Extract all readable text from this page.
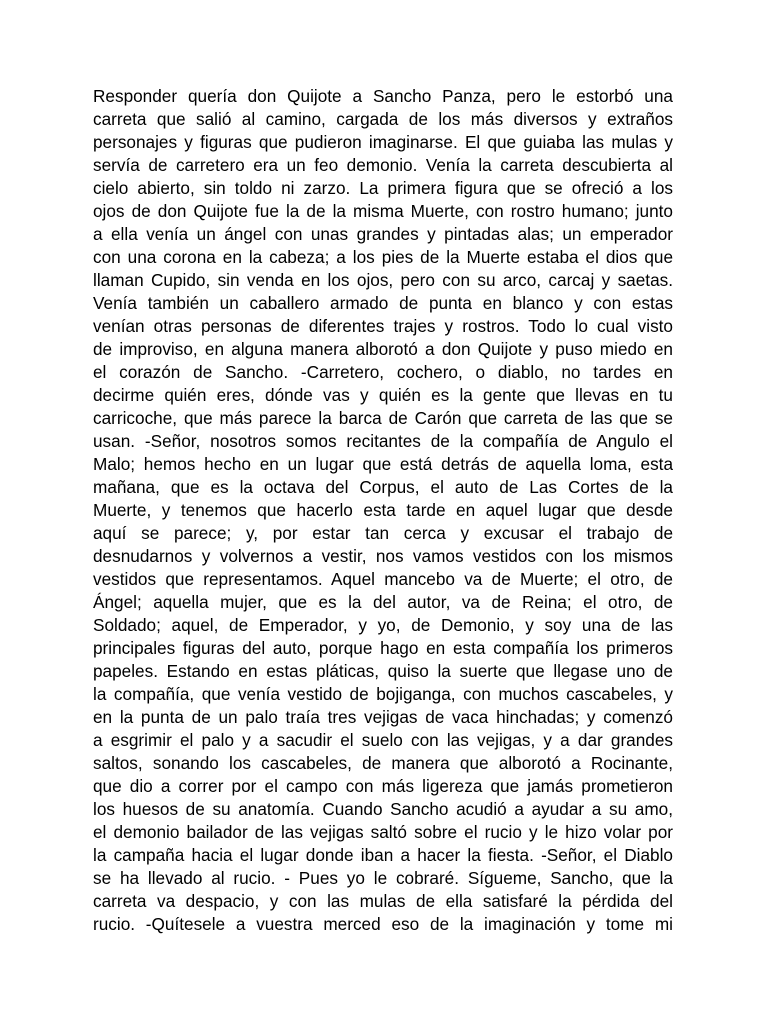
Responder quería don Quijote a Sancho Panza, pero le estorbó una
carreta que salió al camino, cargada de los más diversos y extraños
personajes y figuras que pudieron imaginarse. El que guiaba las mulas y
servía de carretero era un feo demonio. Venía la carreta descubierta al
cielo abierto, sin toldo ni zarzo. La primera figura que se ofreció a los
ojos de don Quijote fue la de la misma Muerte, con rostro humano; junto
a ella venía un ángel con unas grandes y pintadas alas; un emperador
con una corona en la cabeza; a los pies de la Muerte estaba el dios que
llaman Cupido, sin venda en los ojos, pero con su arco, carcaj y saetas.
Venía también un caballero armado de punta en blanco y con estas
venían otras personas de diferentes trajes y rostros. Todo lo cual visto
de improviso, en alguna manera alborotó a don Quijote y puso miedo en
el corazón de Sancho. -Carretero, cochero, o diablo, no tardes en
decirme quién eres, dónde vas y quién es la gente que llevas en tu
carricoche, que más parece la barca de Carón que carreta de las que se
usan. -Señor, nosotros somos recitantes de la compañía de Angulo el
Malo; hemos hecho en un lugar que está detrás de aquella loma, esta
mañana, que es la octava del Corpus, el auto de Las Cortes de la
Muerte, y tenemos que hacerlo esta tarde en aquel lugar que desde
aquí se parece; y, por estar tan cerca y excusar el trabajo de
desnudarnos y volvernos a vestir, nos vamos vestidos con los mismos
vestidos que representamos. Aquel mancebo va de Muerte; el otro, de
Ángel; aquella mujer, que es la del autor, va de Reina; el otro, de
Soldado; aquel, de Emperador, y yo, de Demonio, y soy una de las
principales figuras del auto, porque hago en esta compañía los primeros
papeles. Estando en estas pláticas, quiso la suerte que llegase uno de
la compañía, que venía vestido de bojiganga, con muchos cascabeles, y
en la punta de un palo traía tres vejigas de vaca hinchadas; y comenzó
a esgrimir el palo y a sacudir el suelo con las vejigas, y a dar grandes
saltos, sonando los cascabeles, de manera que alborotó a Rocinante,
que dio a correr por el campo con más ligereza que jamás prometieron
los huesos de su anatomía. Cuando Sancho acudió a ayudar a su amo,
el demonio bailador de las vejigas saltó sobre el rucio y le hizo volar por
la campaña hacia el lugar donde iban a hacer la fiesta. -Señor, el Diablo
se ha llevado al rucio. - Pues yo le cobraré. Sígueme, Sancho, que la
carreta va despacio, y con las mulas de ella satisfaré la pérdida del
rucio. -Quítesele a vuestra merced eso de la imaginación y tome mi
